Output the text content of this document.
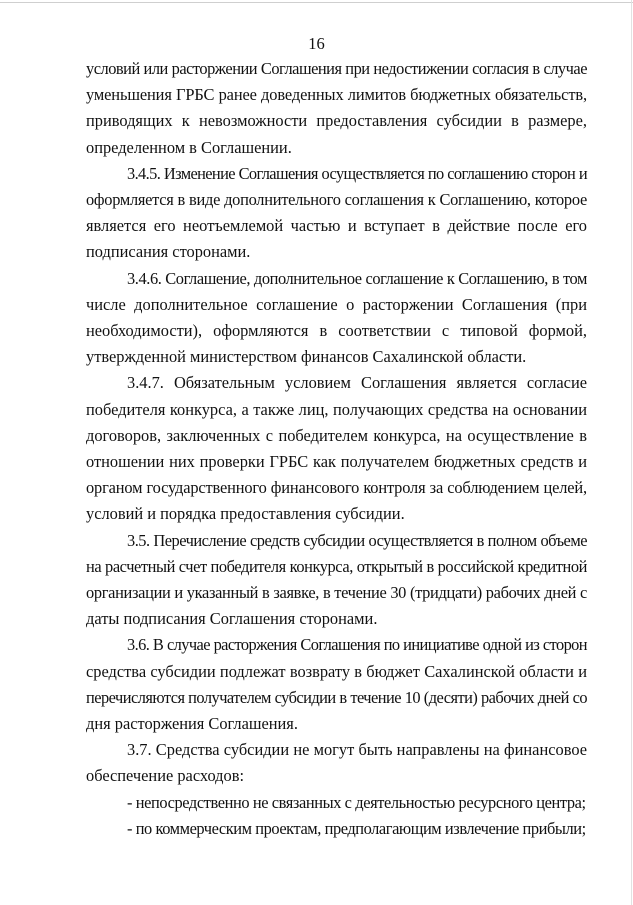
16
условий или расторжении Соглашения при недостижении согласия в случае
уменьшения ГРБС ранее доведенных лимитов бюджетных обязательств,
приводящих к невозможности предоставления субсидии в размере,
определенном в Соглашении.
3.4.5. Изменение Соглашения осуществляется по соглашению сторон и
оформляется в виде дополнительного соглашения к Соглашению, которое
является его неотъемлемой частью и вступает в действие после его
подписания сторонами.
3.4.6. Соглашение, дополнительное соглашение к Соглашению, в том
числе дополнительное соглашение о расторжении Соглашения (при
необходимости), оформляются в соответствии с типовой формой,
утвержденной министерством финансов Сахалинской области.
3.4.7. Обязательным условием Соглашения является согласие
победителя конкурса, а также лиц, получающих средства на основании
договоров, заключенных с победителем конкурса, на осуществление в
отношении них проверки ГРБС как получателем бюджетных средств и
органом государственного финансового контроля за соблюдением целей,
условий и порядка предоставления субсидии.
3.5. Перечисление средств субсидии осуществляется в полном объеме
на расчетный счет победителя конкурса, открытый в российской кредитной
организации и указанный в заявке, в течение 30 (тридцати) рабочих дней с
даты подписания Соглашения сторонами.
3.6. В случае расторжения Соглашения по инициативе одной из сторон
средства субсидии подлежат возврату в бюджет Сахалинской области и
перечисляются получателем субсидии в течение 10 (десяти) рабочих дней со
дня расторжения Соглашения.
3.7. Средства субсидии не могут быть направлены на финансовое
обеспечение расходов:
- непосредственно не связанных с деятельностью ресурсного центра;
- по коммерческим проектам, предполагающим извлечение прибыли;
